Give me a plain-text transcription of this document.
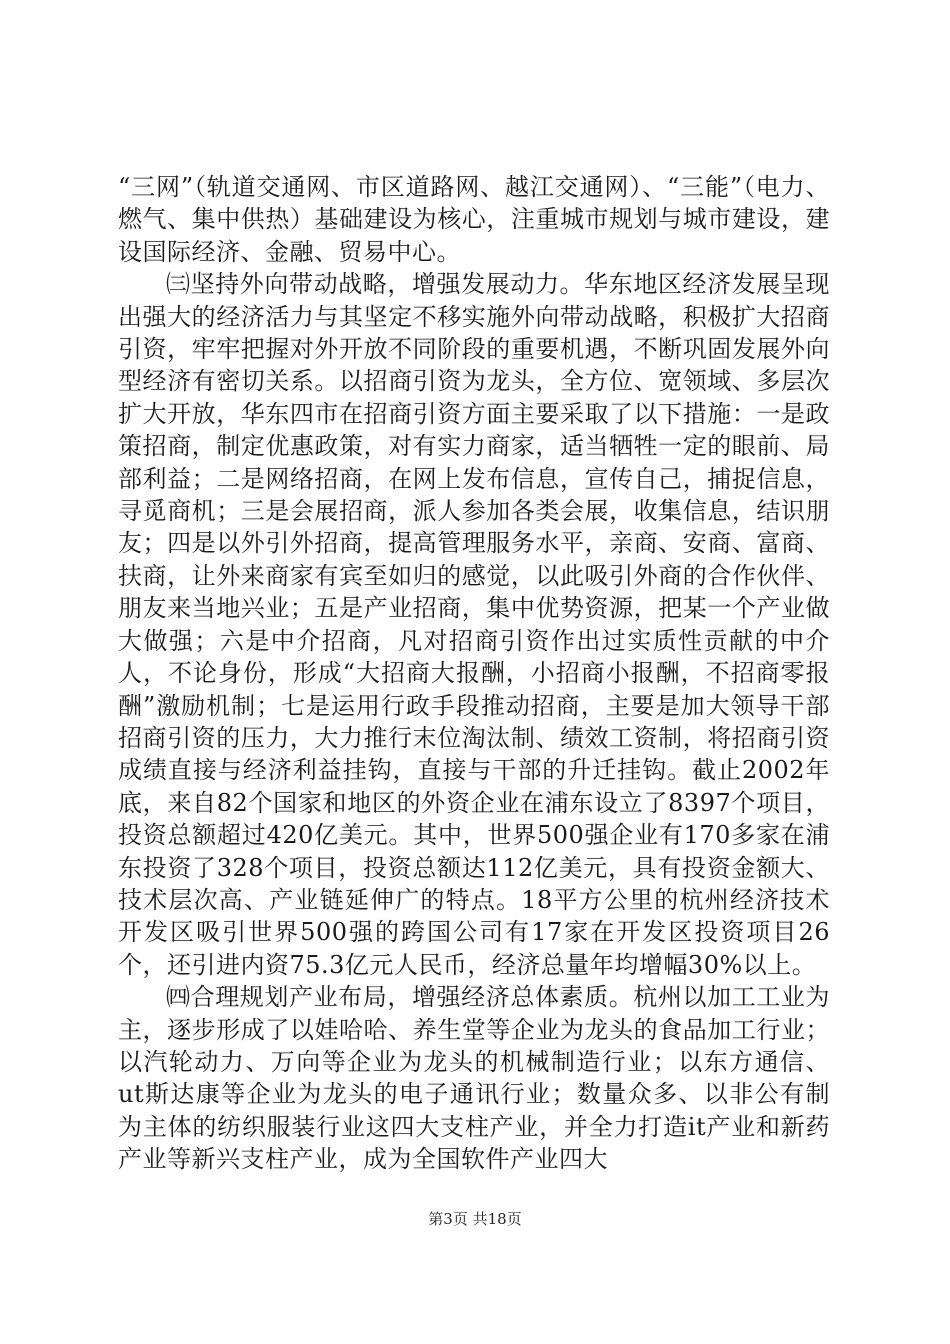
“三网”（轨道交通网、市区道路网、越江交通网）、“三能”（电力、燃气、集中供热）基础建设为核心，注重城市规划与城市建设，建设国际经济、金融、贸易中心。

㈢坚持外向带动战略，增强发展动力。华东地区经济发展呈现出强大的经济活力与其坚定不移实施外向带动战略，积极扩大招商引资，牢牢把握对外开放不同阶段的重要机遇，不断巩固发展外向型经济有密切关系。以招商引资为龙头，全方位、宽领域、多层次扩大开放，华东四市在招商引资方面主要采取了以下措施：一是政策招商，制定优惠政策，对有实力商家，适当牺牲一定的眼前、局部利益；二是网络招商，在网上发布信息，宣传自己，捕捉信息，寻觅商机；三是会展招商，派人参加各类会展，收集信息，结识朋友；四是以外引外招商，提高管理服务水平，亲商、安商、富商、扶商，让外来商家有宾至如归的感觉，以此吸引外商的合作伙伴、朋友来当地兴业；五是产业招商，集中优势资源，把某一个产业做大做强；六是中介招商，凡对招商引资作出过实质性贡献的中介人，不论身份，形成“大招商大报酬，小招商小报酬，不招商零报酬”激励机制；七是运用行政手段推动招商，主要是加大领导干部招商引资的压力，大力推行末位淘汰制、绩效工资制，将招商引资成绩直接与经济利益挂钩，直接与干部的升迁挂钩。截止2002年底，来自82个国家和地区的外资企业在浦东设立了8397个项目，投资总额超过420亿美元。其中，世界500强企业有170多家在浦东投资了328个项目，投资总额达112亿美元，具有投资金额大、技术层次高、产业链延伸广的特点。18平方公里的杭州经济技术开发区吸引世界500强的跨国公司有17家在开发区投资项目26个，还引进内资75.3亿元人民币，经济总量年均增幅30%以上。

㈣合理规划产业布局，增强经济总体素质。杭州以加工工业为主，逐步形成了以娃哈哈、养生堂等企业为龙头的食品加工行业；以汽轮动力、万向等企业为龙头的机械制造行业；以东方通信、ut斯达康等企业为龙头的电子通讯行业；数量众多、以非公有制为主体的纺织服装行业这四大支柱产业，并全力打造it产业和新药产业等新兴支柱产业，成为全国软件产业四大

第3页 共18页
